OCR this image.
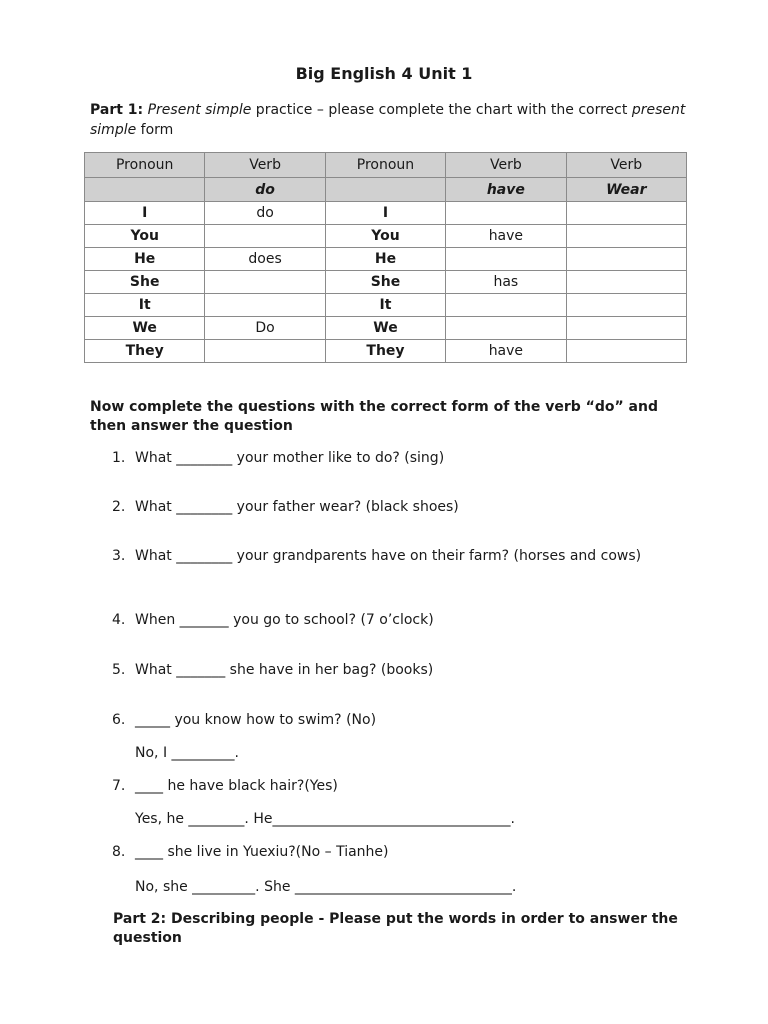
Big English 4 Unit 1

Part 1: Present simple practice – please complete the chart with the correct present simple form

Pronoun	Verb	Pronoun	Verb	Verb
	do		have	Wear
I	do	I		
You		You	have	
He	does	He		
She		She	has	
It		It		
We	Do	We		
They		They	have	

Now complete the questions with the correct form of the verb “do” and then answer the question

1. What ________ your mother like to do? (sing)
2. What ________ your father wear? (black shoes)
3. What ________ your grandparents have on their farm? (horses and cows)
4. When _______ you go to school? (7 o’clock)
5. What _______ she have in her bag? (books)
6. _____ you know how to swim? (No)
No, I _________.
7. ____ he have black hair?(Yes)
Yes, he ________. He__________________________________.
8. ____ she live in Yuexiu?(No – Tianhe)
No, she _________. She _______________________________.

Part 2: Describing people - Please put the words in order to answer the question
